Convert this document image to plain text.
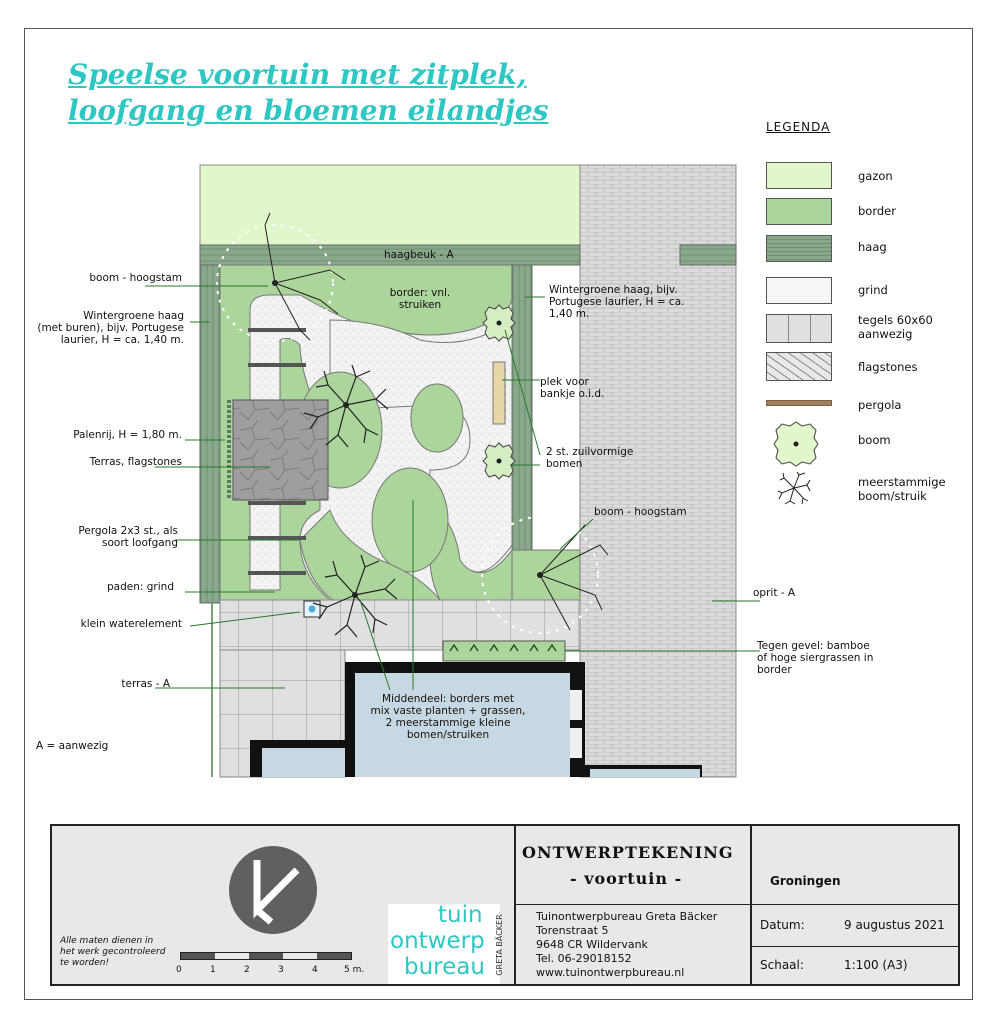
Speelse voortuin met zitplek,
loofgang en bloemen eilandjes
haagbeuk - A
boom - hoogstam
Wintergroene haag
(met buren), bijv. Portugese
laurier, H = ca. 1,40 m.
Palenrij, H = 1,80 m.
Terras, flagstones
Pergola 2x3 st., als
soort loofgang
paden: grind
klein waterelement
terras - A
A = aanwezig
border: vnl.
struiken
Wintergroene haag, bijv.
Portugese laurier, H = ca.
1,40 m.
plek voor
bankje o.i.d.
2 st. zuilvormige
bomen
boom - hoogstam
oprit - A
Tegen gevel: bamboe
of hoge siergrassen in
border
Middendeel: borders met
mix vaste planten + grassen,
2 meerstammige kleine
bomen/struiken
LEGENDA
gazon
border
haag
grind
tegels 60x60
aanwezig
flagstones
pergola
boom
meerstammige
boom/struik
Alle maten dienen in
het werk gecontroleerd
te worden!
0	1	2	3	4	5 m.
tuin
ontwerp
bureau GRETA BÄCKER
ONTWERPTEKENING
- voortuin -	Groningen
Tuinontwerpbureau Greta Bäcker
Torenstraat 5
9648 CR Wildervank
Tel. 06-29018152
www.tuinontwerpbureau.nl
Datum:	9 augustus 2021
Schaal:	1:100 (A3)
